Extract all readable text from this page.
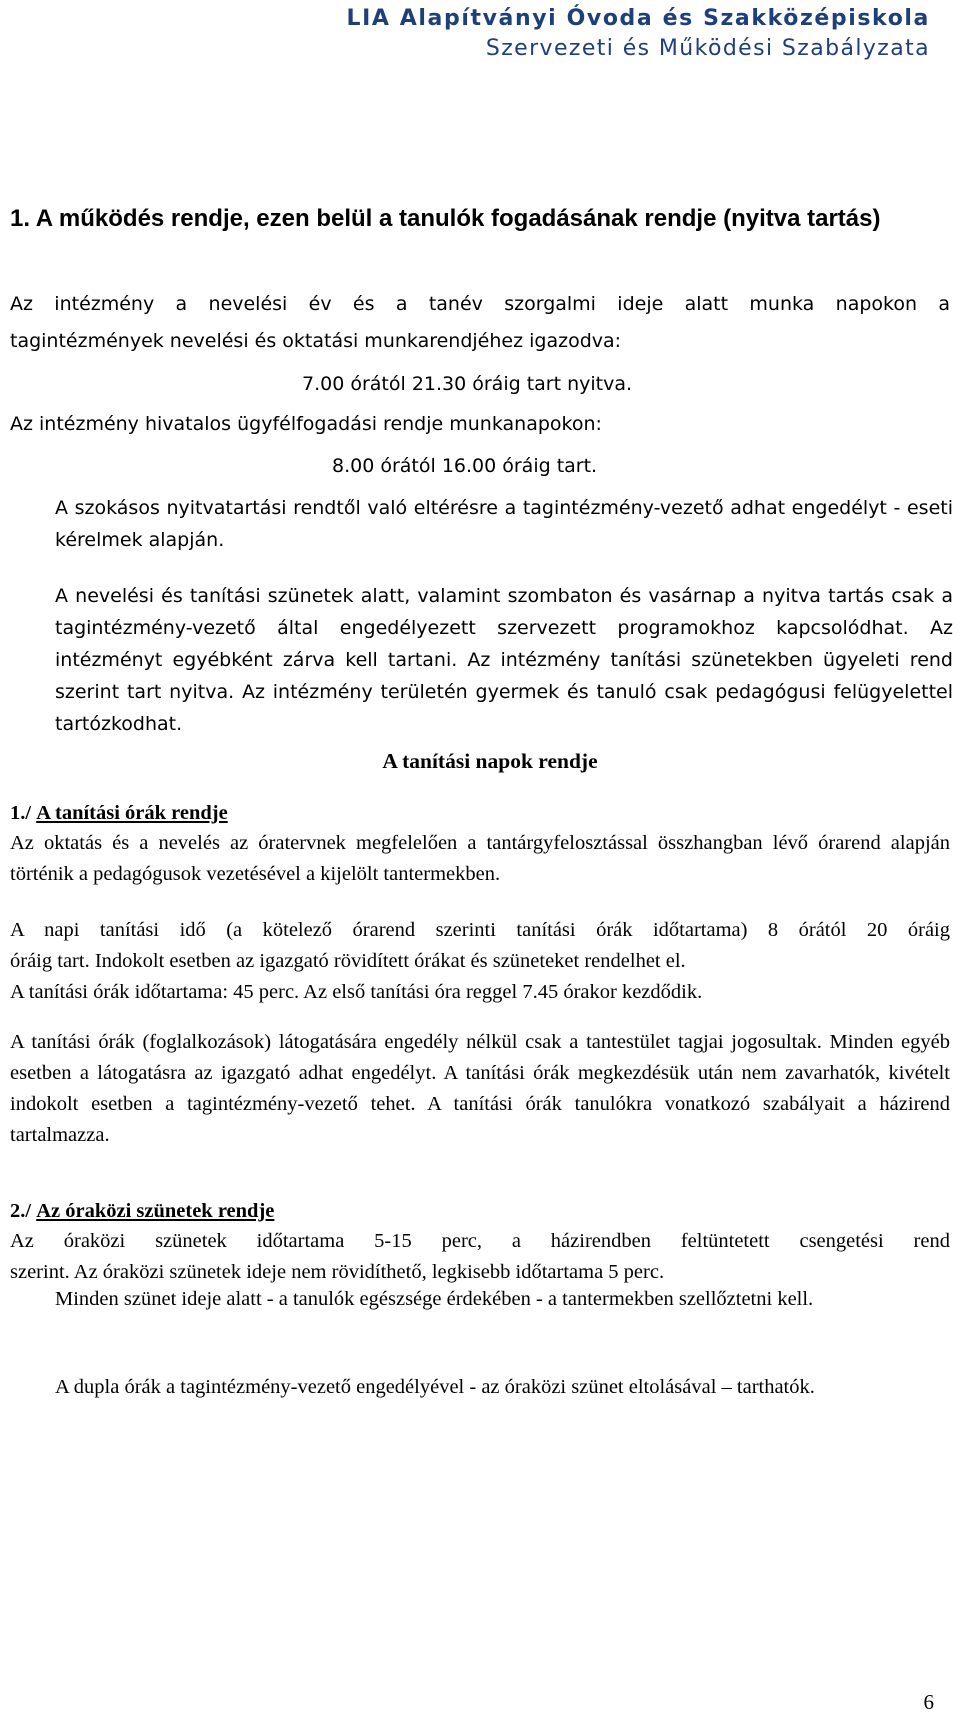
LIA Alapítványi Óvoda és Szakközépiskola
Szervezeti és Működési Szabályzata
1. A működés rendje, ezen belül a tanulók fogadásának rendje (nyitva tartás)
Az intézmény a nevelési év és a tanév szorgalmi ideje alatt munka napokon a
tagintézmények nevelési és oktatási munkarendjéhez igazodva:
7.00 órától 21.30 óráig tart nyitva.
Az intézmény hivatalos ügyfélfogadási rendje munkanapokon:
8.00 órától 16.00 óráig tart.
A szokásos nyitvatartási rendtől való eltérésre a tagintézmény-vezető adhat engedélyt - eseti kérelmek alapján.
A nevelési és tanítási szünetek alatt, valamint szombaton és vasárnap a nyitva tartás csak a tagintézmény-vezető által engedélyezett szervezett programokhoz kapcsolódhat. Az intézményt egyébként zárva kell tartani. Az intézmény tanítási szünetekben ügyeleti rend szerint tart nyitva. Az intézmény területén gyermek és tanuló csak pedagógusi felügyelettel tartózkodhat.
A tanítási napok rendje
1./ A tanítási órák rendje
Az oktatás és a nevelés az óratervnek megfelelően a tantárgyfelosztással összhangban lévő órarend alapján történik a pedagógusok vezetésével a kijelölt tantermekben.
A napi tanítási idő (a kötelező órarend szerinti tanítási órák időtartama) 8 órától 20 óráig
óráig tart. Indokolt esetben az igazgató rövidített órákat és szüneteket rendelhet el.
A tanítási órák időtartama: 45 perc. Az első tanítási óra reggel 7.45 órakor kezdődik.
A tanítási órák (foglalkozások) látogatására engedély nélkül csak a tantestület tagjai jogosultak. Minden egyéb esetben a látogatásra az igazgató adhat engedélyt. A tanítási órák megkezdésük után nem zavarhatók, kivételt indokolt esetben a tagintézmény-vezető tehet. A tanítási órák tanulókra vonatkozó szabályait a házirend tartalmazza.
2./ Az óraközi szünetek rendje
Az óraközi szünetek időtartama 5-15 perc, a házirendben feltüntetett csengetési rend
szerint. Az óraközi szünetek ideje nem rövidíthető, legkisebb időtartama 5 perc.
Minden szünet ideje alatt - a tanulók egészsége érdekében - a tantermekben szellőztetni kell.
A dupla órák a tagintézmény-vezető engedélyével - az óraközi szünet eltolásával – tarthatók.
6
